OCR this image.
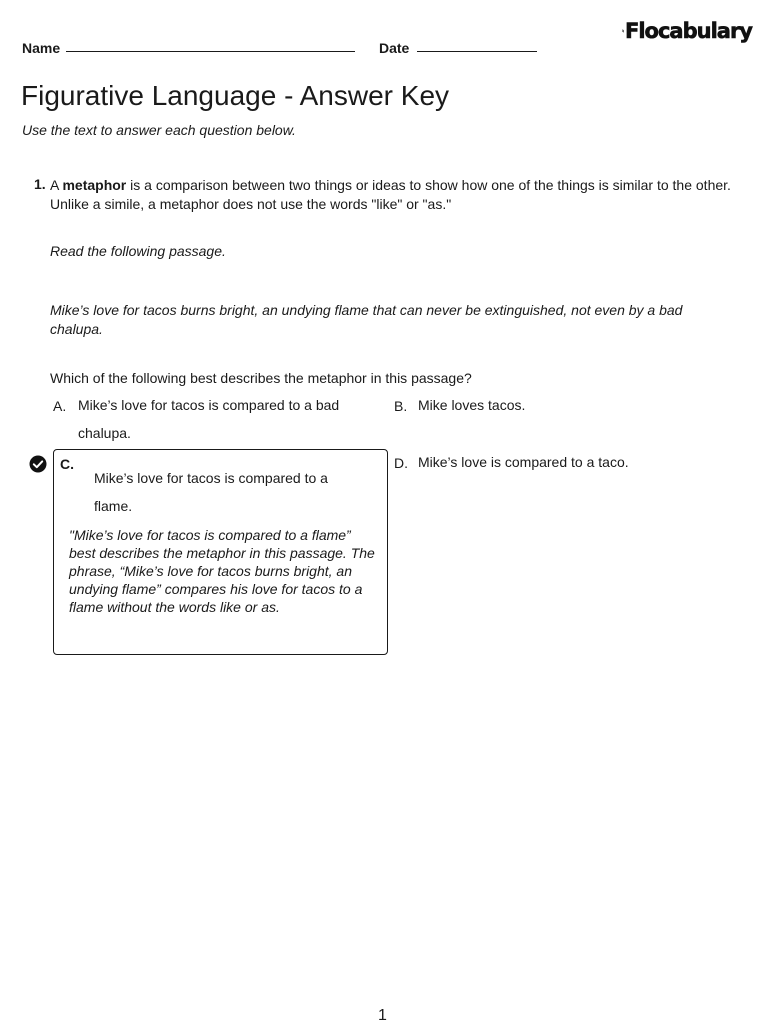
Name	Date
Flocabulary
Figurative Language - Answer Key
Use the text to answer each question below.
1. A metaphor is a comparison between two things or ideas to show how one of the things is similar to the other. Unlike a simile, a metaphor does not use the words "like" or "as."
Read the following passage.
Mike’s love for tacos burns bright, an undying flame that can never be extinguished, not even by a bad chalupa.
Which of the following best describes the metaphor in this passage?
A. Mike’s love for tacos is compared to a bad chalupa.
B. Mike loves tacos.
C.
Mike’s love for tacos is compared to a flame.
"Mike’s love for tacos is compared to a flame” best describes the metaphor in this passage. The phrase, “Mike’s love for tacos burns bright, an undying flame” compares his love for tacos to a flame without the words like or as.
D. Mike’s love is compared to a taco.
1
